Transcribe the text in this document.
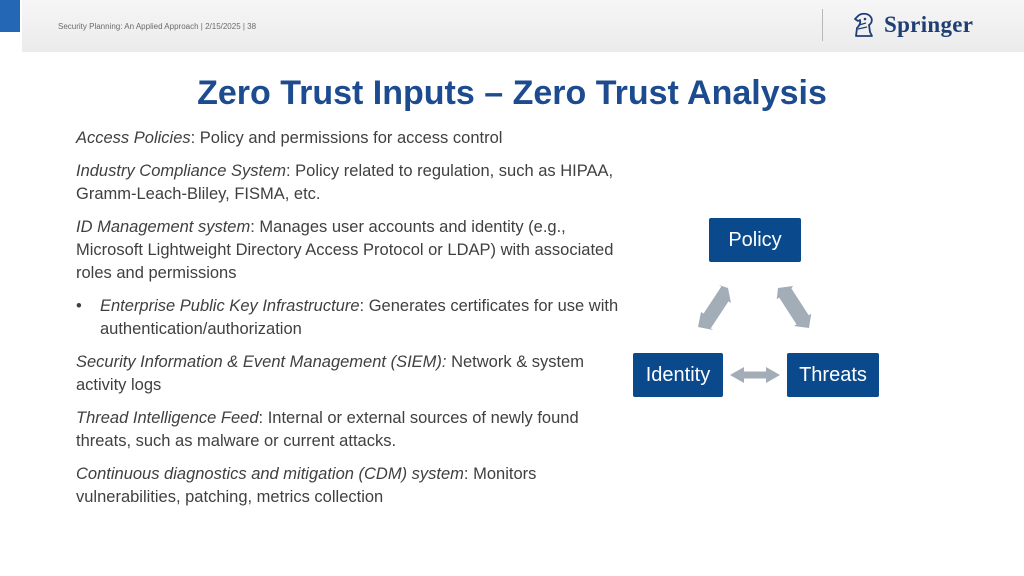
Security Planning: An Applied Approach | 2/15/2025 | 38	Springer
Zero Trust Inputs – Zero Trust Analysis

Access Policies: Policy and permissions for access control

Industry Compliance System: Policy related to regulation, such as HIPAA, Gramm-Leach-Bliley, FISMA, etc.

ID Management system: Manages user accounts and identity (e.g., Microsoft Lightweight Directory Access Protocol or LDAP) with associated roles and permissions

• Enterprise Public Key Infrastructure: Generates certificates for use with authentication/authorization

Security Information & Event Management (SIEM): Network & system activity logs

Thread Intelligence Feed: Internal or external sources of newly found threats, such as malware or current attacks.

Continuous diagnostics and mitigation (CDM) system: Monitors vulnerabilities, patching, metrics collection

Policy
Identity	Threats
